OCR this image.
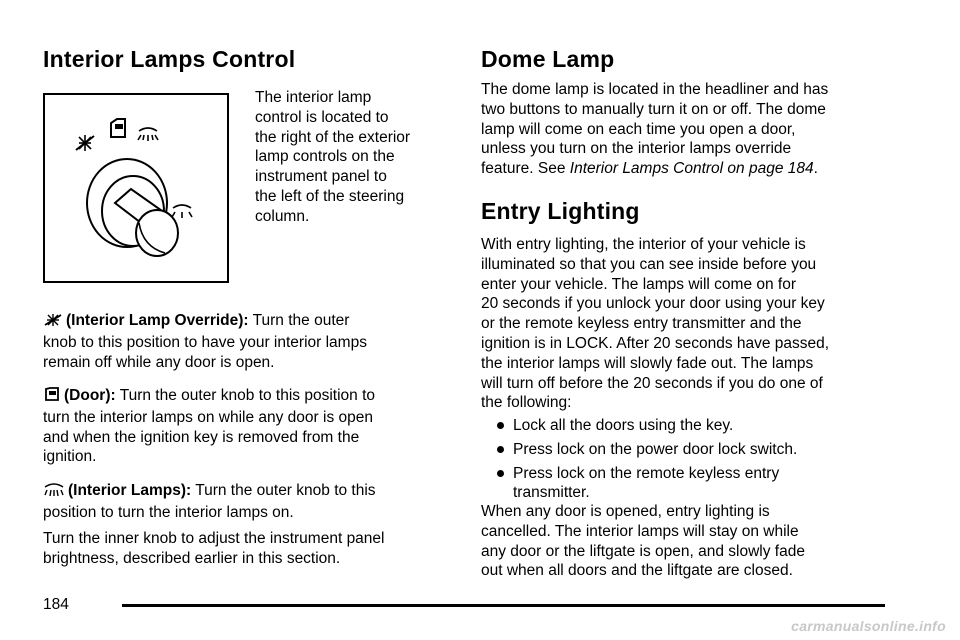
Interior Lamps Control
The interior lamp
control is located to
the right of the exterior
lamp controls on the
instrument panel to
the left of the steering
column.
(Interior Lamp Override): Turn the outer
knob to this position to have your interior lamps
remain off while any door is open.
(Door): Turn the outer knob to this position to
turn the interior lamps on while any door is open
and when the ignition key is removed from the
ignition.
(Interior Lamps): Turn the outer knob to this
position to turn the interior lamps on.
Turn the inner knob to adjust the instrument panel
brightness, described earlier in this section.
Dome Lamp
The dome lamp is located in the headliner and has
two buttons to manually turn it on or off. The dome
lamp will come on each time you open a door,
unless you turn on the interior lamps override
feature. See Interior Lamps Control on page 184.
Entry Lighting
With entry lighting, the interior of your vehicle is
illuminated so that you can see inside before you
enter your vehicle. The lamps will come on for
20 seconds if you unlock your door using your key
or the remote keyless entry transmitter and the
ignition is in LOCK. After 20 seconds have passed,
the interior lamps will slowly fade out. The lamps
will turn off before the 20 seconds if you do one of
the following:
Lock all the doors using the key.
Press lock on the power door lock switch.
Press lock on the remote keyless entry
transmitter.
When any door is opened, entry lighting is
cancelled. The interior lamps will stay on while
any door or the liftgate is open, and slowly fade
out when all doors and the liftgate are closed.
184
carmanualsonline.info
